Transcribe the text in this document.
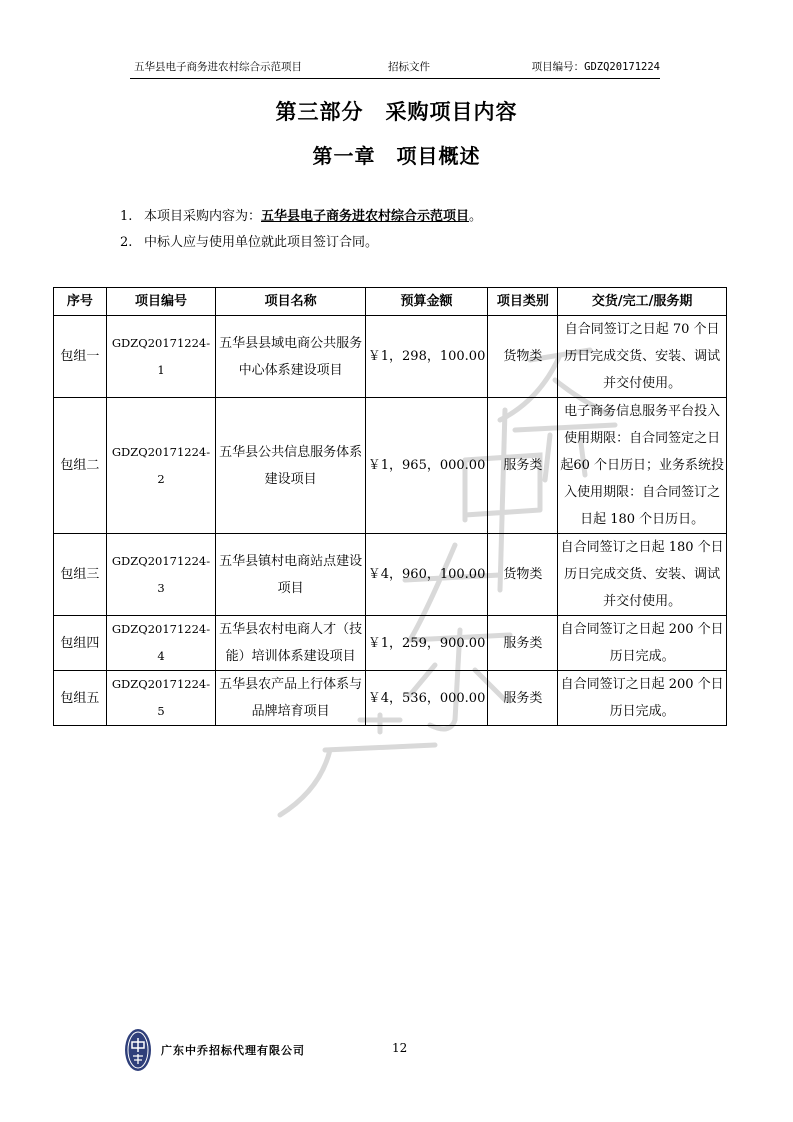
五华县电子商务进农村综合示范项目	招标文件	项目编号：GDZQ20171224
第三部分　采购项目内容
第一章　项目概述
1. 本项目采购内容为：五华县电子商务进农村综合示范项目。
2. 中标人应与使用单位就此项目签订合同。
序号	项目编号	项目名称	预算金额	项目类别	交货/完工/服务期
包组一	GDZQ20171224-1	五华县县域电商公共服务中心体系建设项目	￥1，298，100.00	货物类	自合同签订之日起 70 个日历日完成交货、安装、调试并交付使用。
包组二	GDZQ20171224-2	五华县公共信息服务体系建设项目	￥1，965，000.00	服务类	电子商务信息服务平台投入使用期限：自合同签定之日起60 个日历日；业务系统投入使用期限：自合同签订之日起 180 个日历日。
包组三	GDZQ20171224-3	五华县镇村电商站点建设项目	￥4，960，100.00	货物类	自合同签订之日起 180 个日历日完成交货、安装、调试并交付使用。
包组四	GDZQ20171224-4	五华县农村电商人才（技能）培训体系建设项目	￥1，259，900.00	服务类	自合同签订之日起 200 个日历日完成。
包组五	GDZQ20171224-5	五华县农产品上行体系与品牌培育项目	￥4，536，000.00	服务类	自合同签订之日起 200 个日历日完成。
广东中乔招标代理有限公司	12
